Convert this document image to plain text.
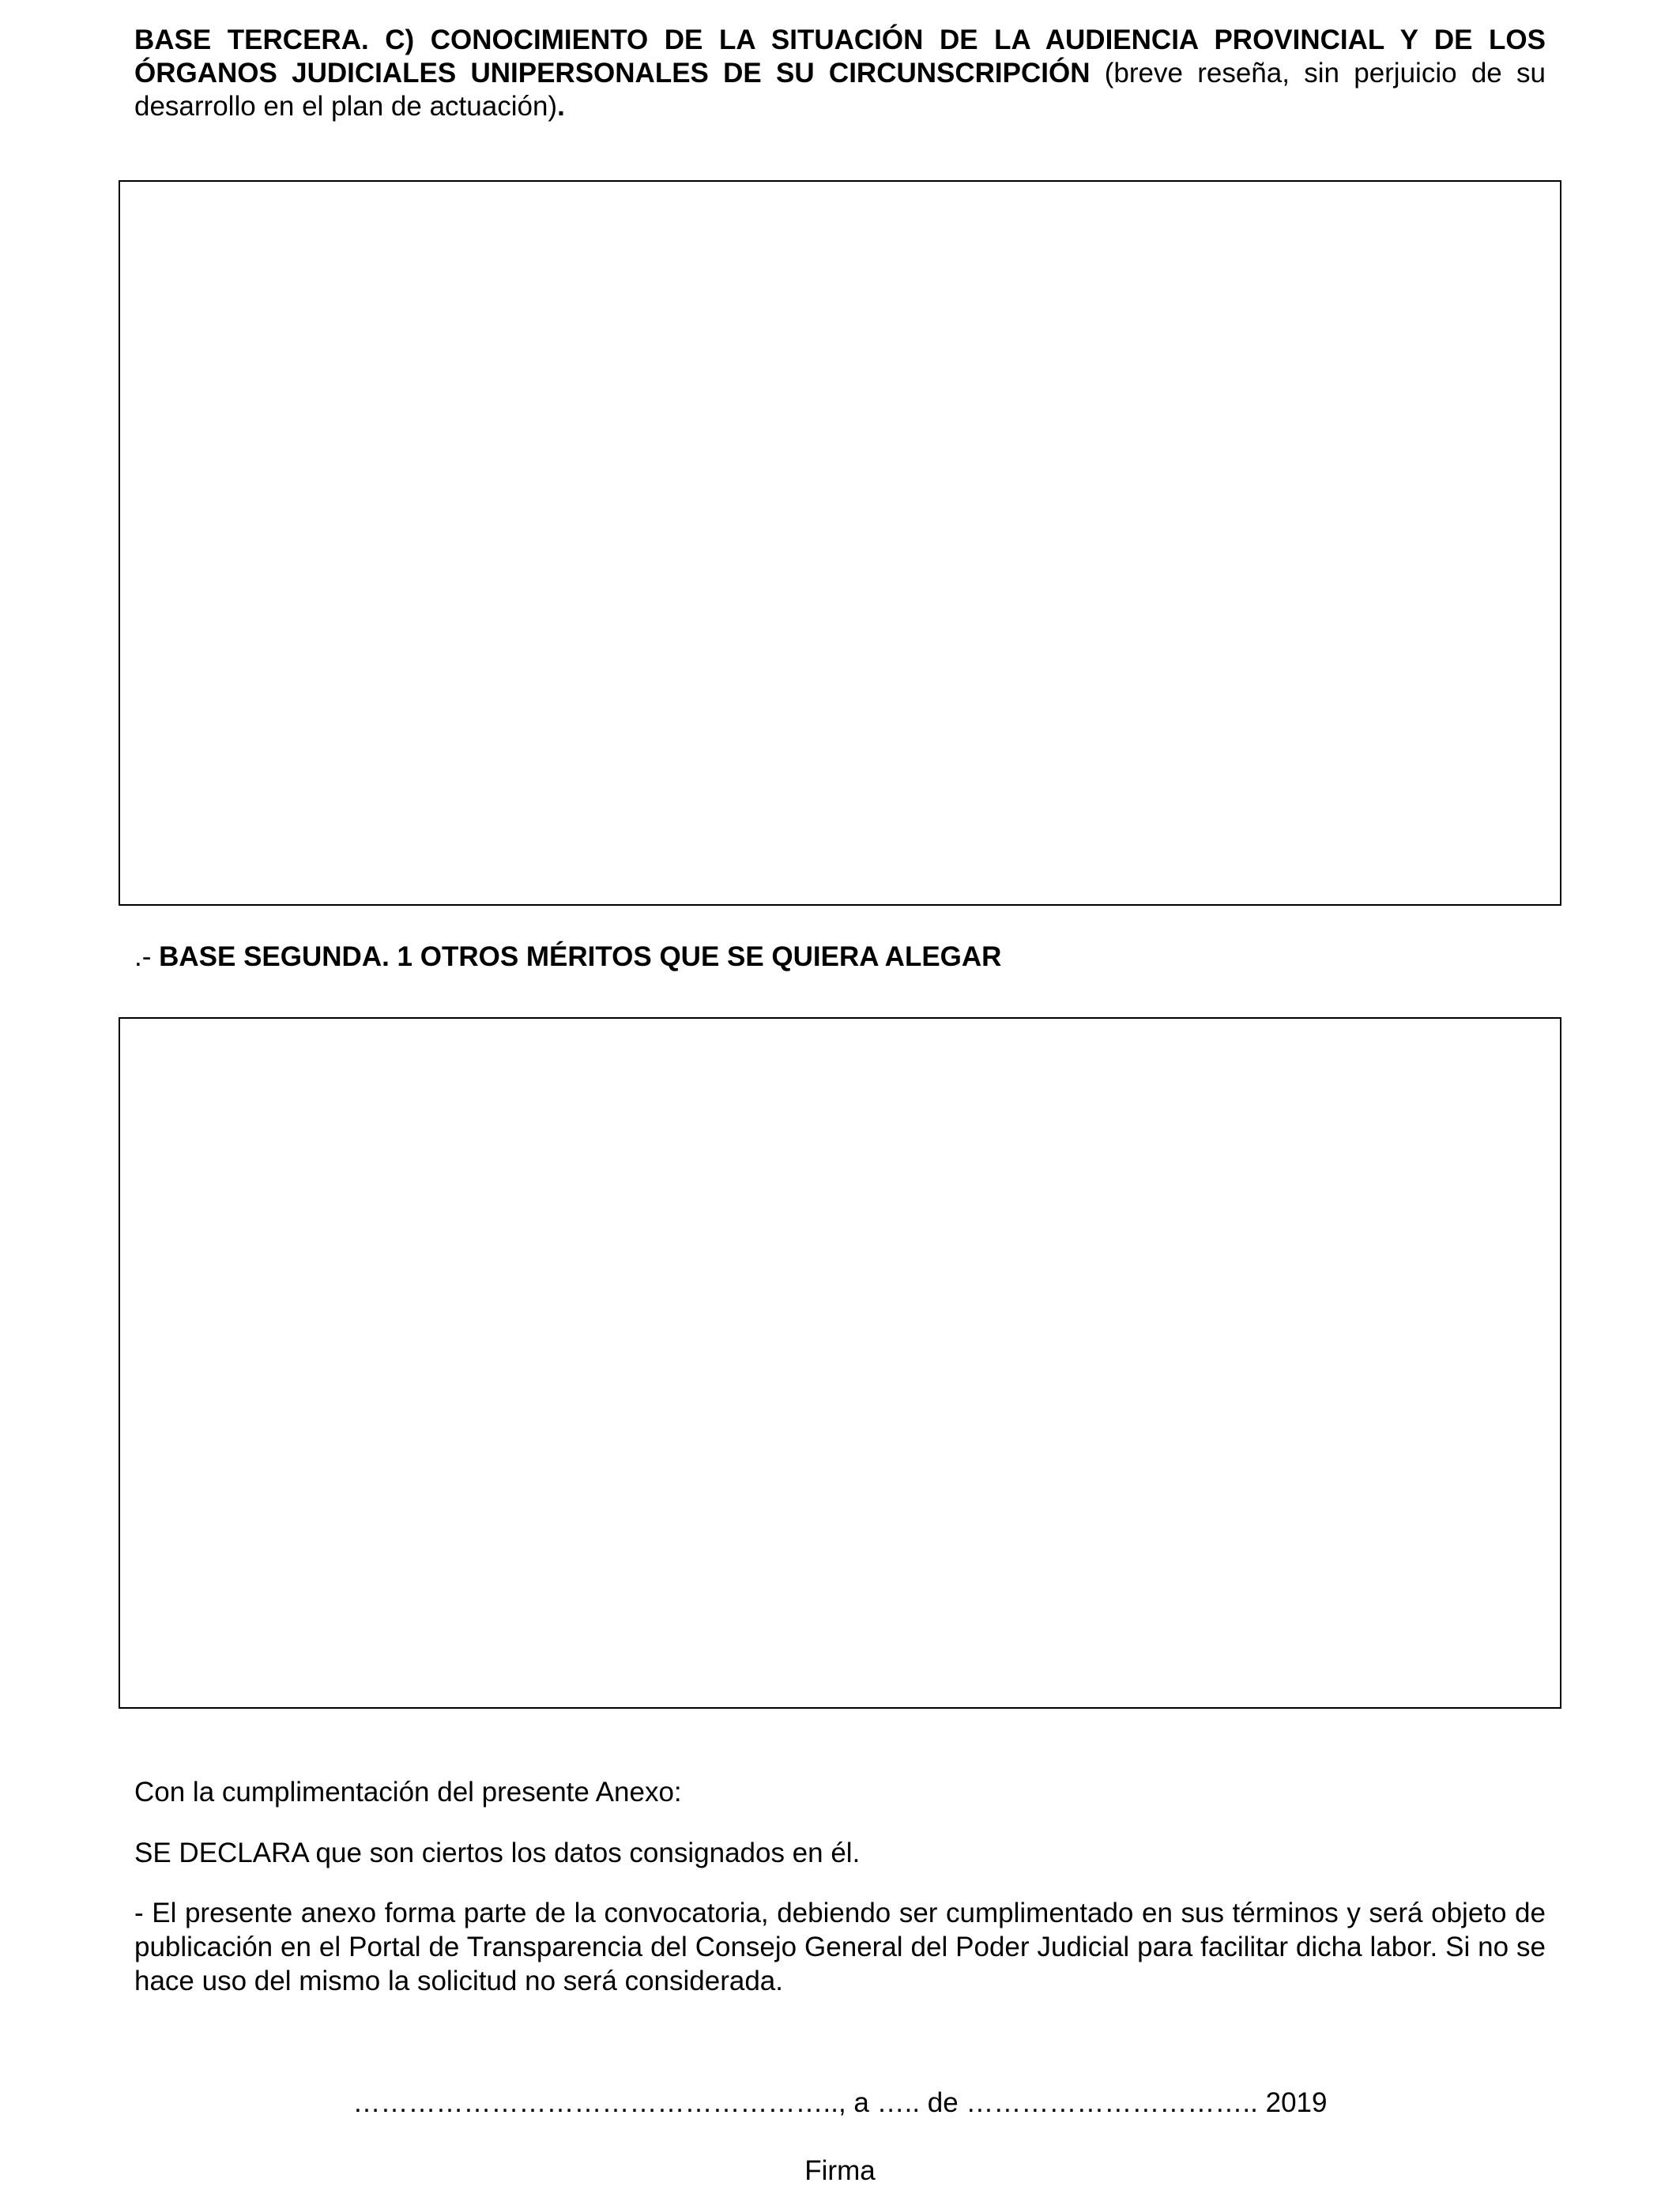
BASE TERCERA. C) CONOCIMIENTO DE LA SITUACIÓN DE LA AUDIENCIA PROVINCIAL Y DE LOS ÓRGANOS JUDICIALES UNIPERSONALES DE SU CIRCUNSCRIPCIÓN (breve reseña, sin perjuicio de su desarrollo en el plan de actuación).

.- BASE SEGUNDA. 1 OTROS MÉRITOS QUE SE QUIERA ALEGAR

Con la cumplimentación del presente Anexo:

SE DECLARA que son ciertos los datos consignados en él.

- El presente anexo forma parte de la convocatoria, debiendo ser cumplimentado en sus términos y será objeto de publicación en el Portal de Transparencia del Consejo General del Poder Judicial para facilitar dicha labor. Si no se hace uso del mismo la solicitud no será considerada.

…………………………………………….., a ….. de ………………………….. 2019
Firma
